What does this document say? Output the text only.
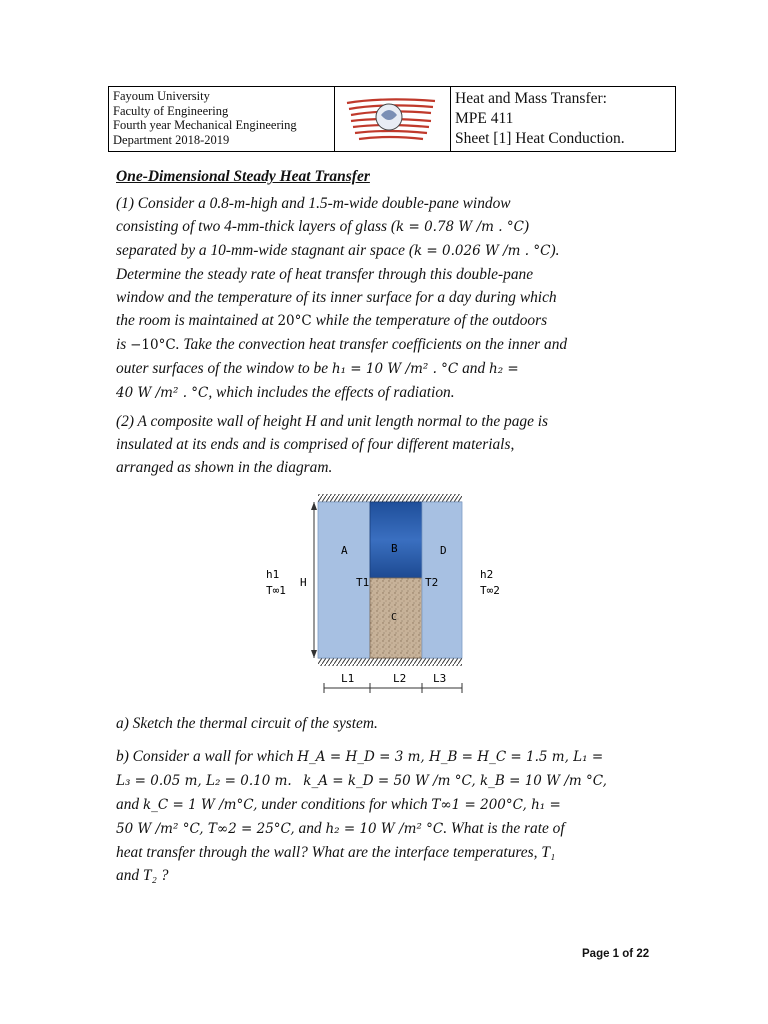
Fayoum University
Faculty of Engineering
Fourth year Mechanical Engineering
Department 2018-2019
Heat and Mass Transfer:
MPE 411
Sheet [1] Heat Conduction.
One-Dimensional Steady Heat Transfer

(1) Consider a 0.8-m-high and 1.5-m-wide double-pane window

consisting of two 4-mm-thick layers of glass (k = 0.78 W /m . °C)

separated by a 10-mm-wide stagnant air space (k = 0.026 W /m . °C).

Determine the steady rate of heat transfer through this double-pane

window and the temperature of its inner surface for a day during which

the room is maintained at 20°C while the temperature of the outdoors

is −10°C. Take the convection heat transfer coefficients on the inner and

outer surfaces of the window to be h₁ = 10 W /m² . °C and h₂ =

40 W /m² . °C, which includes the effects of radiation.

(2) A composite wall of height H and unit length normal to the page is

insulated at its ends and is comprised of four different materials,

arranged as shown in the diagram.

A	B
C
D
H	T1	T2
h1
T∞1
h2
T∞2
L1	L2 L3

a) Sketch the thermal circuit of the system.

b) Consider a wall for which H_A = H_D = 3 m, H_B = H_C = 1.5 m, L₁ =

L₃ = 0.05 m, L₂ = 0.10 m. k_A = k_D = 50 W /m °C, k_B = 10 W /m °C,

and k_C = 1 W /m°C, under conditions for which T∞1 = 200°C, h₁ =

50 W /m² °C, T∞2 = 25°C, and h₂ = 10 W /m² °C. What is the rate of

heat transfer through the wall? What are the interface temperatures, T₁

and T₂ ?

Page 1 of 22
